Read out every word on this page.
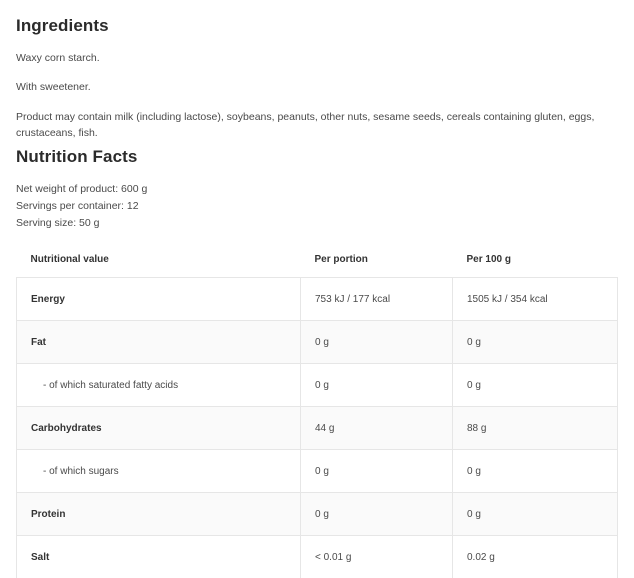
Ingredients

Waxy corn starch.

With sweetener.

Product may contain milk (including lactose), soybeans, peanuts, other nuts, sesame seeds, cereals containing gluten, eggs, crustaceans, fish.

Nutrition Facts
Net weight of product: 600 g
Servings per container: 12
Serving size: 50 g
Nutritional value	Per portion	Per 100 g
Energy	753 kJ / 177 kcal	1505 kJ / 354 kcal
Fat	0 g	0 g
- of which saturated fatty acids	0 g	0 g
Carbohydrates	44 g	88 g
- of which sugars	0 g	0 g
Protein	0 g	0 g
Salt	< 0.01 g	0.02 g
